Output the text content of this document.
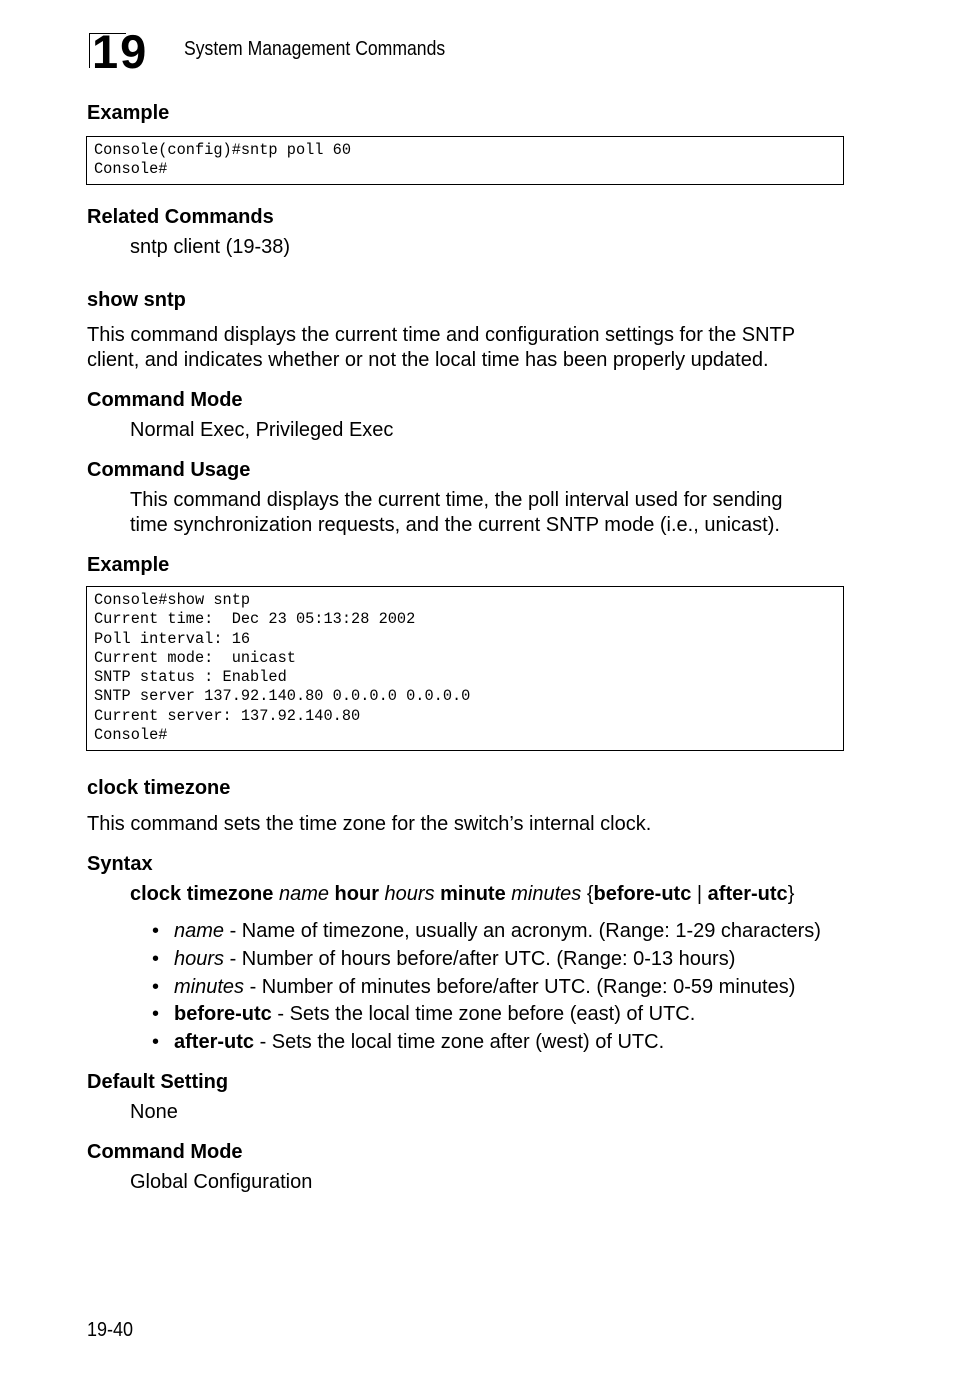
19 System Management Commands
Example
Console(config)#sntp poll 60
Console#
Related Commands
sntp client (19-38)
show sntp
This command displays the current time and configuration settings for the SNTP
client, and indicates whether or not the local time has been properly updated.
Command Mode
Normal Exec, Privileged Exec
Command Usage
This command displays the current time, the poll interval used for sending
time synchronization requests, and the current SNTP mode (i.e., unicast).
Example
Console#show sntp
Current time:  Dec 23 05:13:28 2002
Poll interval: 16
Current mode:  unicast
SNTP status : Enabled
SNTP server 137.92.140.80 0.0.0.0 0.0.0.0
Current server: 137.92.140.80
Console#
clock timezone
This command sets the time zone for the switch’s internal clock.
Syntax
clock timezone name hour hours minute minutes {before-utc | after-utc}
• name - Name of timezone, usually an acronym. (Range: 1-29 characters)
• hours - Number of hours before/after UTC. (Range: 0-13 hours)
• minutes - Number of minutes before/after UTC. (Range: 0-59 minutes)
• before-utc - Sets the local time zone before (east) of UTC.
• after-utc - Sets the local time zone after (west) of UTC.
Default Setting
None
Command Mode
Global Configuration
19-40
